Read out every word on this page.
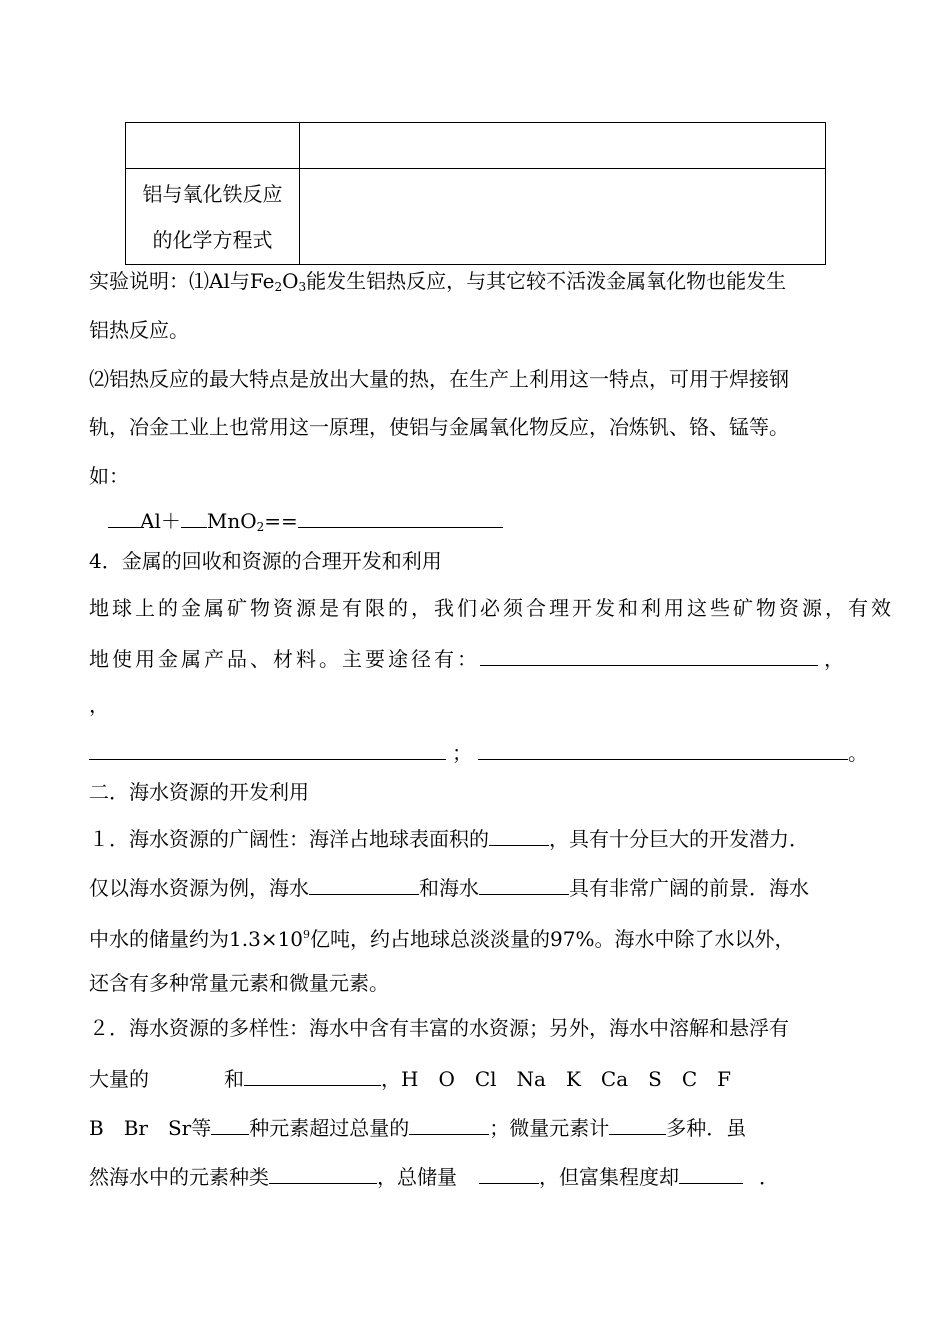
铝与氧化铁反应
的化学方程式	

实验说明：⑴Al与$Fe_2O_3$能发生铝热反应，与其它较不活泼金属氧化物也能发生
铝热反应。
⑵铝热反应的最大特点是放出大量的热，在生产上利用这一特点，可用于焊接钢
轨，冶金工业上也常用这一原理，使铝与金属氧化物反应，冶炼钒、铬、锰等。
如：
Al＋ MnO$_2$==
4．金属的回收和资源的合理开发和利用
地球上的金属矿物资源是有限的，我们必须合理开发和利用这些矿物资源，有效
地使用金属产品、材料。主要途径有：	，
，
；	。
二．海水资源的开发利用
１．海水资源的广阔性：海洋占地球表面积的	，具有十分巨大的开发潜力．
仅以海水资源为例，海水	和海水	具有非常广阔的前景．海水
中水的储量约为$1.3\times 10^9$亿吨，约占地球总淡淡量的97%。海水中除了水以外，
还含有多种常量元素和微量元素。
２．海水资源的多样性：海水中含有丰富的水资源；另外，海水中溶解和悬浮有
大量的	和	，H　O　Cl　Na　K　Ca　S　C　F
B　Br　Sr等 种元素超过总量的	；微量元素计	多种．虽
然海水中的元素种类	，总储量	，但富集程度却	．
